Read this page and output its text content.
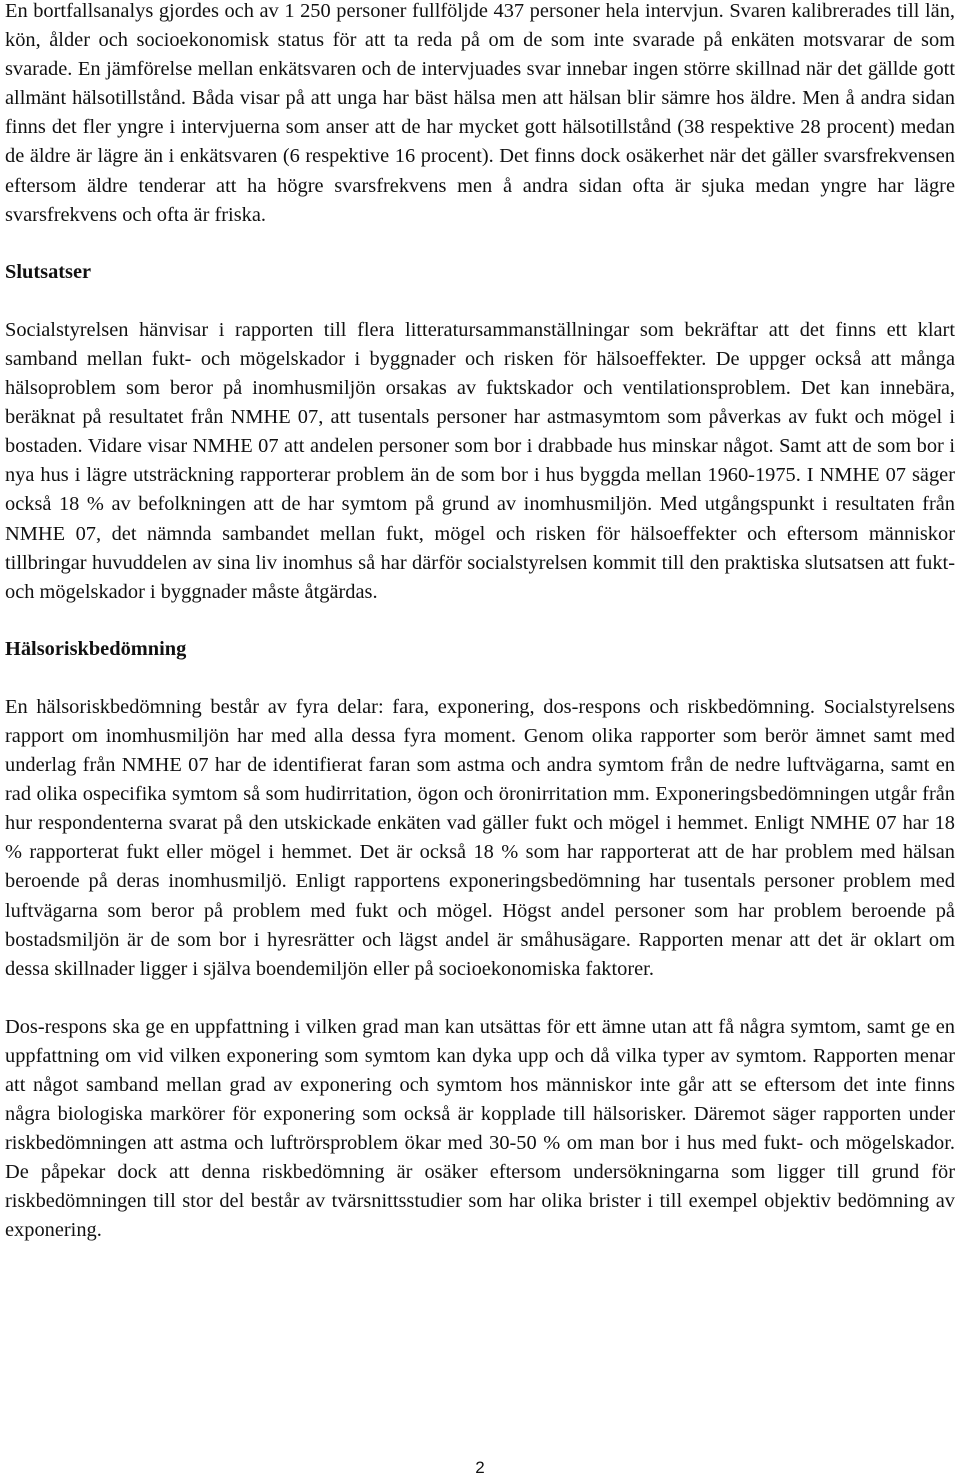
En bortfallsanalys gjordes och av 1 250 personer fullföljde 437 personer hela intervjun. Svaren kalibrerades till län, kön, ålder och socioekonomisk status för att ta reda på om de som inte svarade på enkäten motsvarar de som svarade. En jämförelse mellan enkätsvaren och de intervjuades svar innebar ingen större skillnad när det gällde gott allmänt hälsotillstånd. Båda visar på att unga har bäst hälsa men att hälsan blir sämre hos äldre. Men å andra sidan finns det fler yngre i intervjuerna som anser att de har mycket gott hälsotillstånd (38 respektive 28 procent) medan de äldre är lägre än i enkätsvaren (6 respektive 16 procent). Det finns dock osäkerhet när det gäller svarsfrekvensen eftersom äldre tenderar att ha högre svarsfrekvens men å andra sidan ofta är sjuka medan yngre har lägre svarsfrekvens och ofta är friska.

Slutsatser

Socialstyrelsen hänvisar i rapporten till flera litteratursammanställningar som bekräftar att det finns ett klart samband mellan fukt- och mögelskador i byggnader och risken för hälsoeffekter. De uppger också att många hälsoproblem som beror på inomhusmiljön orsakas av fuktskador och ventilationsproblem. Det kan innebära, beräknat på resultatet från NMHE 07, att tusentals personer har astmasymtom som påverkas av fukt och mögel i bostaden. Vidare visar NMHE 07 att andelen personer som bor i drabbade hus minskar något. Samt att de som bor i nya hus i lägre utsträckning rapporterar problem än de som bor i hus byggda mellan 1960-1975. I NMHE 07 säger också 18 % av befolkningen att de har symtom på grund av inomhusmiljön. Med utgångspunkt i resultaten från NMHE 07, det nämnda sambandet mellan fukt, mögel och risken för hälsoeffekter och eftersom människor tillbringar huvuddelen av sina liv inomhus så har därför socialstyrelsen kommit till den praktiska slutsatsen att fukt- och mögelskador i byggnader måste åtgärdas.

Hälsoriskbedömning

En hälsoriskbedömning består av fyra delar: fara, exponering, dos-respons och riskbedömning. Socialstyrelsens rapport om inomhusmiljön har med alla dessa fyra moment. Genom olika rapporter som berör ämnet samt med underlag från NMHE 07 har de identifierat faran som astma och andra symtom från de nedre luftvägarna, samt en rad olika ospecifika symtom så som hudirritation, ögon och öronirritation mm. Exponeringsbedömningen utgår från hur respondenterna svarat på den utskickade enkäten vad gäller fukt och mögel i hemmet. Enligt NMHE 07 har 18 % rapporterat fukt eller mögel i hemmet. Det är också 18 % som har rapporterat att de har problem med hälsan beroende på deras inomhusmiljö. Enligt rapportens exponeringsbedömning har tusentals personer problem med luftvägarna som beror på problem med fukt och mögel. Högst andel personer som har problem beroende på bostadsmiljön är de som bor i hyresrätter och lägst andel är småhusägare. Rapporten menar att det är oklart om dessa skillnader ligger i själva boendemiljön eller på socioekonomiska faktorer.

Dos-respons ska ge en uppfattning i vilken grad man kan utsättas för ett ämne utan att få några symtom, samt ge en uppfattning om vid vilken exponering som symtom kan dyka upp och då vilka typer av symtom. Rapporten menar att något samband mellan grad av exponering och symtom hos människor inte går att se eftersom det inte finns några biologiska markörer för exponering som också är kopplade till hälsorisker. Däremot säger rapporten under riskbedömningen att astma och luftrörsproblem ökar med 30-50 % om man bor i hus med fukt- och mögelskador. De påpekar dock att denna riskbedömning är osäker eftersom undersökningarna som ligger till grund för riskbedömningen till stor del består av tvärsnittsstudier som har olika brister i till exempel objektiv bedömning av exponering.

2
